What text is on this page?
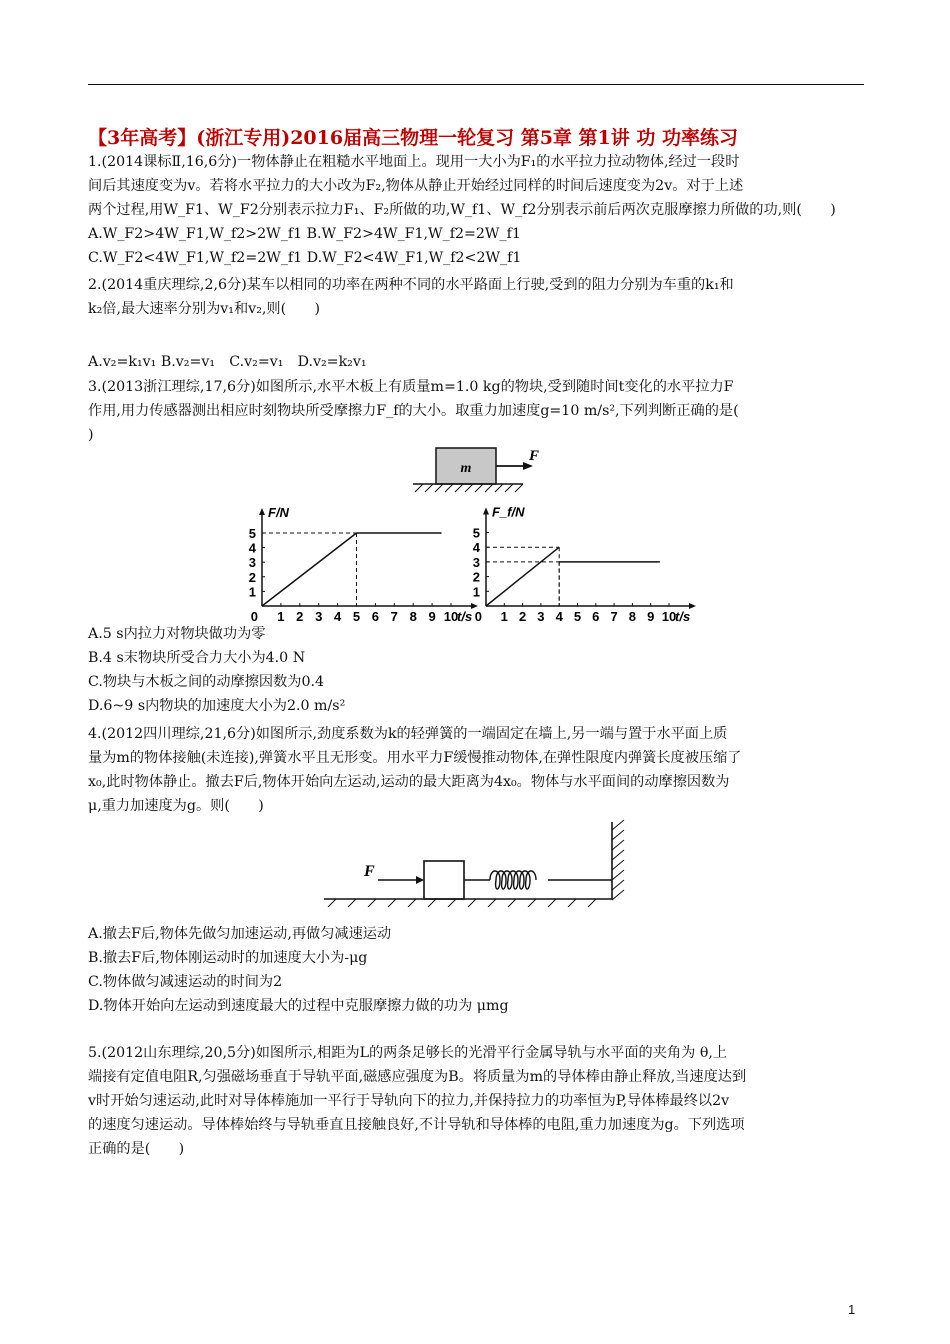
【3年高考】(浙江专用)2016届高三物理一轮复习 第5章 第1讲 功 功率练习
1.(2014课标Ⅱ,16,6分)一物体静止在粗糙水平地面上。现用一大小为F₁的水平拉力拉动物体,经过一段时
间后其速度变为v。若将水平拉力的大小改为F₂,物体从静止开始经过同样的时间后速度变为2v。对于上述
两个过程,用W_F1、W_F2分别表示拉力F₁、F₂所做的功,W_f1、W_f2分别表示前后两次克服摩擦力所做的功,则(　　)
A.W_F2>4W_F1,W_f2>2W_f1 B.W_F2>4W_F1,W_f2=2W_f1
C.W_F2<4W_F1,W_f2=2W_f1 D.W_F2<4W_F1,W_f2<2W_f1
2.(2014重庆理综,2,6分)某车以相同的功率在两种不同的水平路面上行驶,受到的阻力分别为车重的k₁和
k₂倍,最大速率分别为v₁和v₂,则(　　)
A.v₂=k₁v₁ B.v₂=v₁　C.v₂=v₁　D.v₂=k₂v₁
3.(2013浙江理综,17,6分)如图所示,水平木板上有质量m=1.0 kg的物块,受到随时间t变化的水平拉力F
作用,用力传感器测出相应时刻物块所受摩擦力F_f的大小。取重力加速度g=10 m/s²,下列判断正确的是(
)
m
F
1 2 3 4 5 6 7 8 9 10
1
2
3
4
5
0
F/N
t/s 1 2 3 4 5 6 7 8 9 10
1
2
3
4
5
0
F_f/N
t/s
A.5 s内拉力对物块做功为零
B.4 s末物块所受合力大小为4.0 N
C.物块与木板之间的动摩擦因数为0.4
D.6~9 s内物块的加速度大小为2.0 m/s²
4.(2012四川理综,21,6分)如图所示,劲度系数为k的轻弹簧的一端固定在墙上,另一端与置于水平面上质
量为m的物体接触(未连接),弹簧水平且无形变。用水平力F缓慢推动物体,在弹性限度内弹簧长度被压缩了
x₀,此时物体静止。撤去F后,物体开始向左运动,运动的最大距离为4x₀。物体与水平面间的动摩擦因数为
μ,重力加速度为g。则(　　)
F
A.撤去F后,物体先做匀加速运动,再做匀减速运动
B.撤去F后,物体刚运动时的加速度大小为-μg
C.物体做匀减速运动的时间为2
D.物体开始向左运动到速度最大的过程中克服摩擦力做的功为 μmg
5.(2012山东理综,20,5分)如图所示,相距为L的两条足够长的光滑平行金属导轨与水平面的夹角为 θ,上
端接有定值电阻R,匀强磁场垂直于导轨平面,磁感应强度为B。将质量为m的导体棒由静止释放,当速度达到
v时开始匀速运动,此时对导体棒施加一平行于导轨向下的拉力,并保持拉力的功率恒为P,导体棒最终以2v
的速度匀速运动。导体棒始终与导轨垂直且接触良好,不计导轨和导体棒的电阻,重力加速度为g。下列选项
正确的是(　　)
1
